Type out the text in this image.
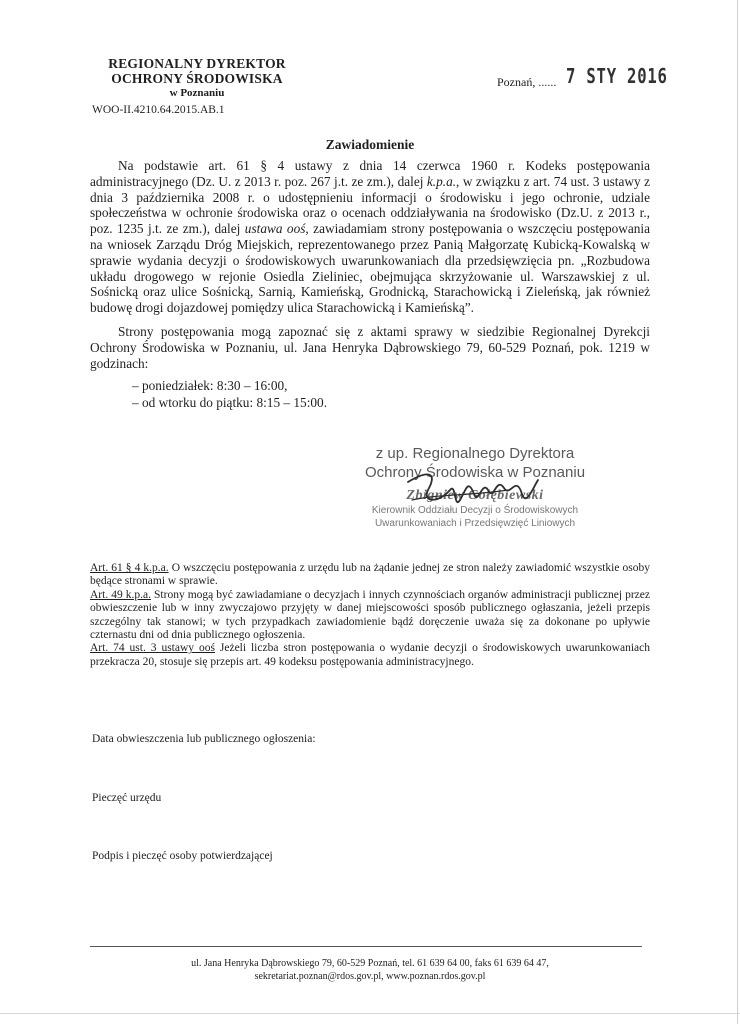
REGIONALNY DYREKTOR
OCHRONY ŚRODOWISKA
w Poznaniu
WOO-II.4210.64.2015.AB.1
Poznań, ...... 7 STY 2016
Zawiadomienie

Na podstawie art. 61 § 4 ustawy z dnia 14 czerwca 1960 r. Kodeks postępowania administracyjnego (Dz. U. z 2013 r. poz. 267 j.t. ze zm.), dalej k.p.a., w związku z art. 74 ust. 3 ustawy z dnia 3 października 2008 r. o udostępnieniu informacji o środowisku i jego ochronie, udziale społeczeństwa w ochronie środowiska oraz o ocenach oddziaływania na środowisko (Dz.U. z 2013 r., poz. 1235 j.t. ze zm.), dalej ustawa ooś, zawiadamiam strony postępowania o wszczęciu postępowania na wniosek Zarządu Dróg Miejskich, reprezentowanego przez Panią Małgorzatę Kubicką-Kowalską w sprawie wydania decyzji o środowiskowych uwarunkowaniach dla przedsięwzięcia pn. „Rozbudowa układu drogowego w rejonie Osiedla Zieliniec, obejmująca skrzyżowanie ul. Warszawskiej z ul. Sośnicką oraz ulice Sośnicką, Sarnią, Kamieńską, Grodnicką, Starachowicką i Zieleńską, jak również budowę drogi dojazdowej pomiędzy ulica Starachowicką i Kamieńską”.

Strony postępowania mogą zapoznać się z aktami sprawy w siedzibie Regionalnej Dyrekcji Ochrony Środowiska w Poznaniu, ul. Jana Henryka Dąbrowskiego 79, 60-529 Poznań, pok. 1219 w godzinach:

– poniedziałek: 8:30 – 16:00,
– od wtorku do piątku: 8:15 – 15:00.
z up. Regionalnego Dyrektora
Ochrony Środowiska w Poznaniu
Zbigniew Gołębiewski
Kierownik Oddziału Decyzji o Środowiskowych
Uwarunkowaniach i Przedsięwzięć Liniowych

Art. 61 § 4 k.p.a. O wszczęciu postępowania z urzędu lub na żądanie jednej ze stron należy zawiadomić wszystkie osoby będące stronami w sprawie.

Art. 49 k.p.a. Strony mogą być zawiadamiane o decyzjach i innych czynnościach organów administracji publicznej przez obwieszczenie lub w inny zwyczajowo przyjęty w danej miejscowości sposób publicznego ogłaszania, jeżeli przepis szczególny tak stanowi; w tych przypadkach zawiadomienie bądź doręczenie uważa się za dokonane po upływie czternastu dni od dnia publicznego ogłoszenia.

Art. 74 ust. 3 ustawy ooś Jeżeli liczba stron postępowania o wydanie decyzji o środowiskowych uwarunkowaniach przekracza 20, stosuje się przepis art. 49 kodeksu postępowania administracyjnego.

Data obwieszczenia lub publicznego ogłoszenia:
Pieczęć urzędu
Podpis i pieczęć osoby potwierdzającej
ul. Jana Henryka Dąbrowskiego 79, 60-529 Poznań, tel. 61 639 64 00, faks 61 639 64 47,
sekretariat.poznan@rdos.gov.pl, www.poznan.rdos.gov.pl
